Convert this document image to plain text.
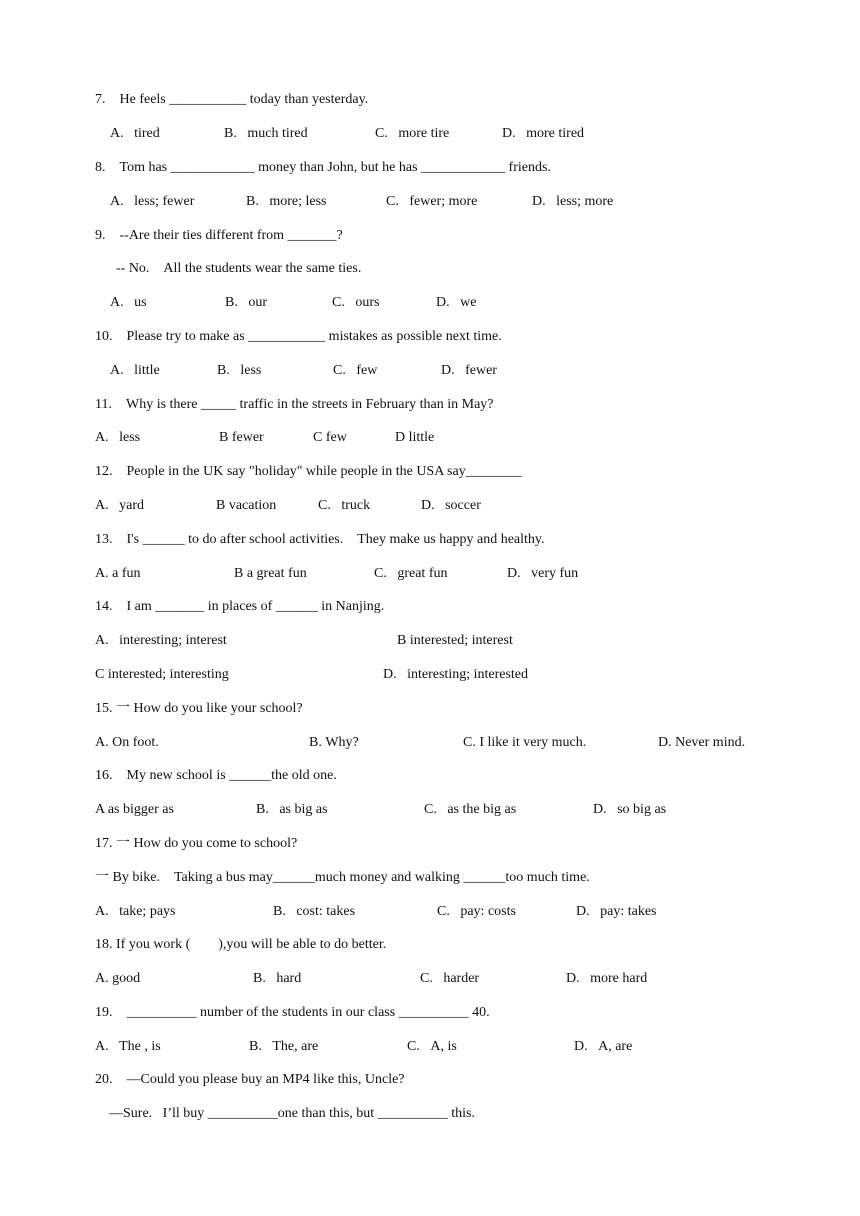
7.    He feels ___________ today than yesterday.
A.   tired	B.   much tired	C.   more tire	D.   more tired
8.    Tom has ____________ money than John, but he has ____________ friends.
A.   less; fewer	B.   more; less	C.   fewer; more	D.   less; more
9.    --Are their ties different from _______?
-- No.    All the students wear the same ties.
A.   us	B.   our	C.   ours	D.   we
10.    Please try to make as ___________ mistakes as possible next time.
A.   little	B.   less	C.   few	D.   fewer
11.    Why is there _____ traffic in the streets in February than in May?
A.   less	B fewer	C few	D little
12.    People in the UK say "holiday" while people in the USA say________
A.   yard	B vacation	C.   truck	D.   soccer
13.    I's ______ to do after school activities.    They make us happy and healthy.
A. a fun	B a great fun	C.   great fun	D.   very fun
14.    I am _______ in places of ______ in Nanjing.
A.   interesting; interest	B interested; interest
C interested; interesting	D.   interesting; interested
15. 一 How do you like your school?
A. On foot.	B. Why?	C. I like it very much.	D. Never mind.
16.    My new school is ______the old one.
A as bigger as	B.   as big as	C.   as the big as	D.   so big as
17. 一 How do you come to school?
一 By bike.    Taking a bus may______much money and walking ______too much time.
A.   take; pays	B.   cost: takes	C.   pay: costs	D.   pay: takes
18. If you work (        ),you will be able to do better.
A. good	B.   hard	C.   harder	D.   more hard
19.    __________ number of the students in our class __________ 40.
A.   The , is	B.   The, are	C.   A, is	D.   A, are
20.    —Could you please buy an MP4 like this, Uncle?
—Sure.   I’ll buy __________one than this, but __________ this.
